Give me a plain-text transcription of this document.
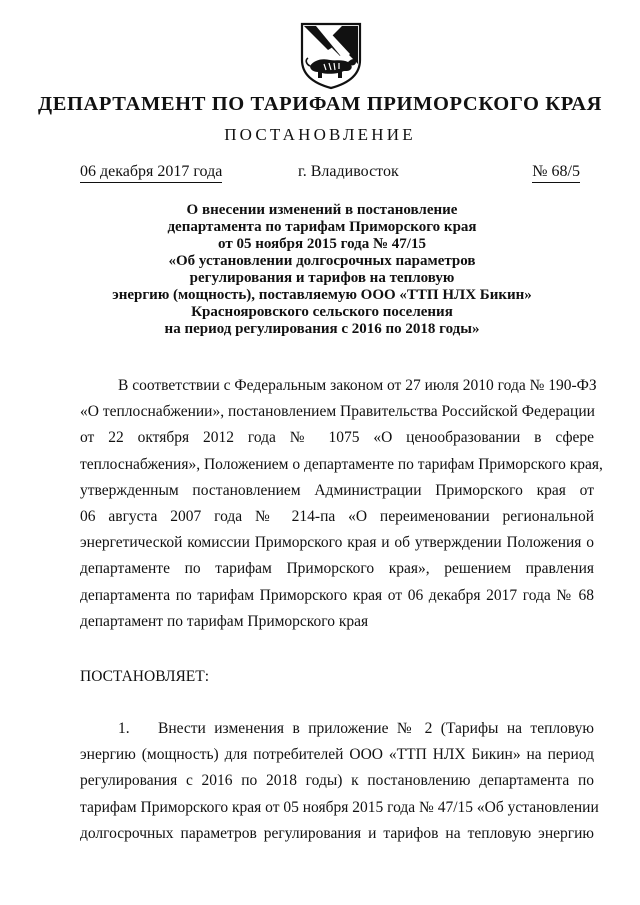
ДЕПАРТАМЕНТ ПО ТАРИФАМ ПРИМОРСКОГО КРАЯ
ПОСТАНОВЛЕНИЕ
06 декабря 2017 года	г. Владивосток	№ 68/5
О внесении изменений в постановление
департамента по тарифам Приморского края
от 05 ноября 2015 года № 47/15
«Об установлении долгосрочных параметров
регулирования и тарифов на тепловую
энергию (мощность), поставляемую ООО «ТТП НЛХ Бикин»
Краснояровского сельского поселения
на период регулирования с 2016 по 2018 годы»
В соответствии с Федеральным законом от 27 июля 2010 года № 190-ФЗ
«О теплоснабжении», постановлением Правительства Российской Федерации
от 22 октября 2012 года № 1075 «О ценообразовании в сфере
теплоснабжения», Положением о департаменте по тарифам Приморского края,
утвержденным постановлением Администрации Приморского края от
06 августа 2007 года № 214-па «О переименовании региональной
энергетической комиссии Приморского края и об утверждении Положения о
департаменте по тарифам Приморского края», решением правления
департамента по тарифам Приморского края от 06 декабря 2017 года № 68
департамент по тарифам Приморского края
ПОСТАНОВЛЯЕТ:
1. Внести изменения в приложение № 2 (Тарифы на тепловую
энергию (мощность) для потребителей ООО «ТТП НЛХ Бикин» на период
регулирования с 2016 по 2018 годы) к постановлению департамента по
тарифам Приморского края от 05 ноября 2015 года № 47/15 «Об установлении
долгосрочных параметров регулирования и тарифов на тепловую энергию
